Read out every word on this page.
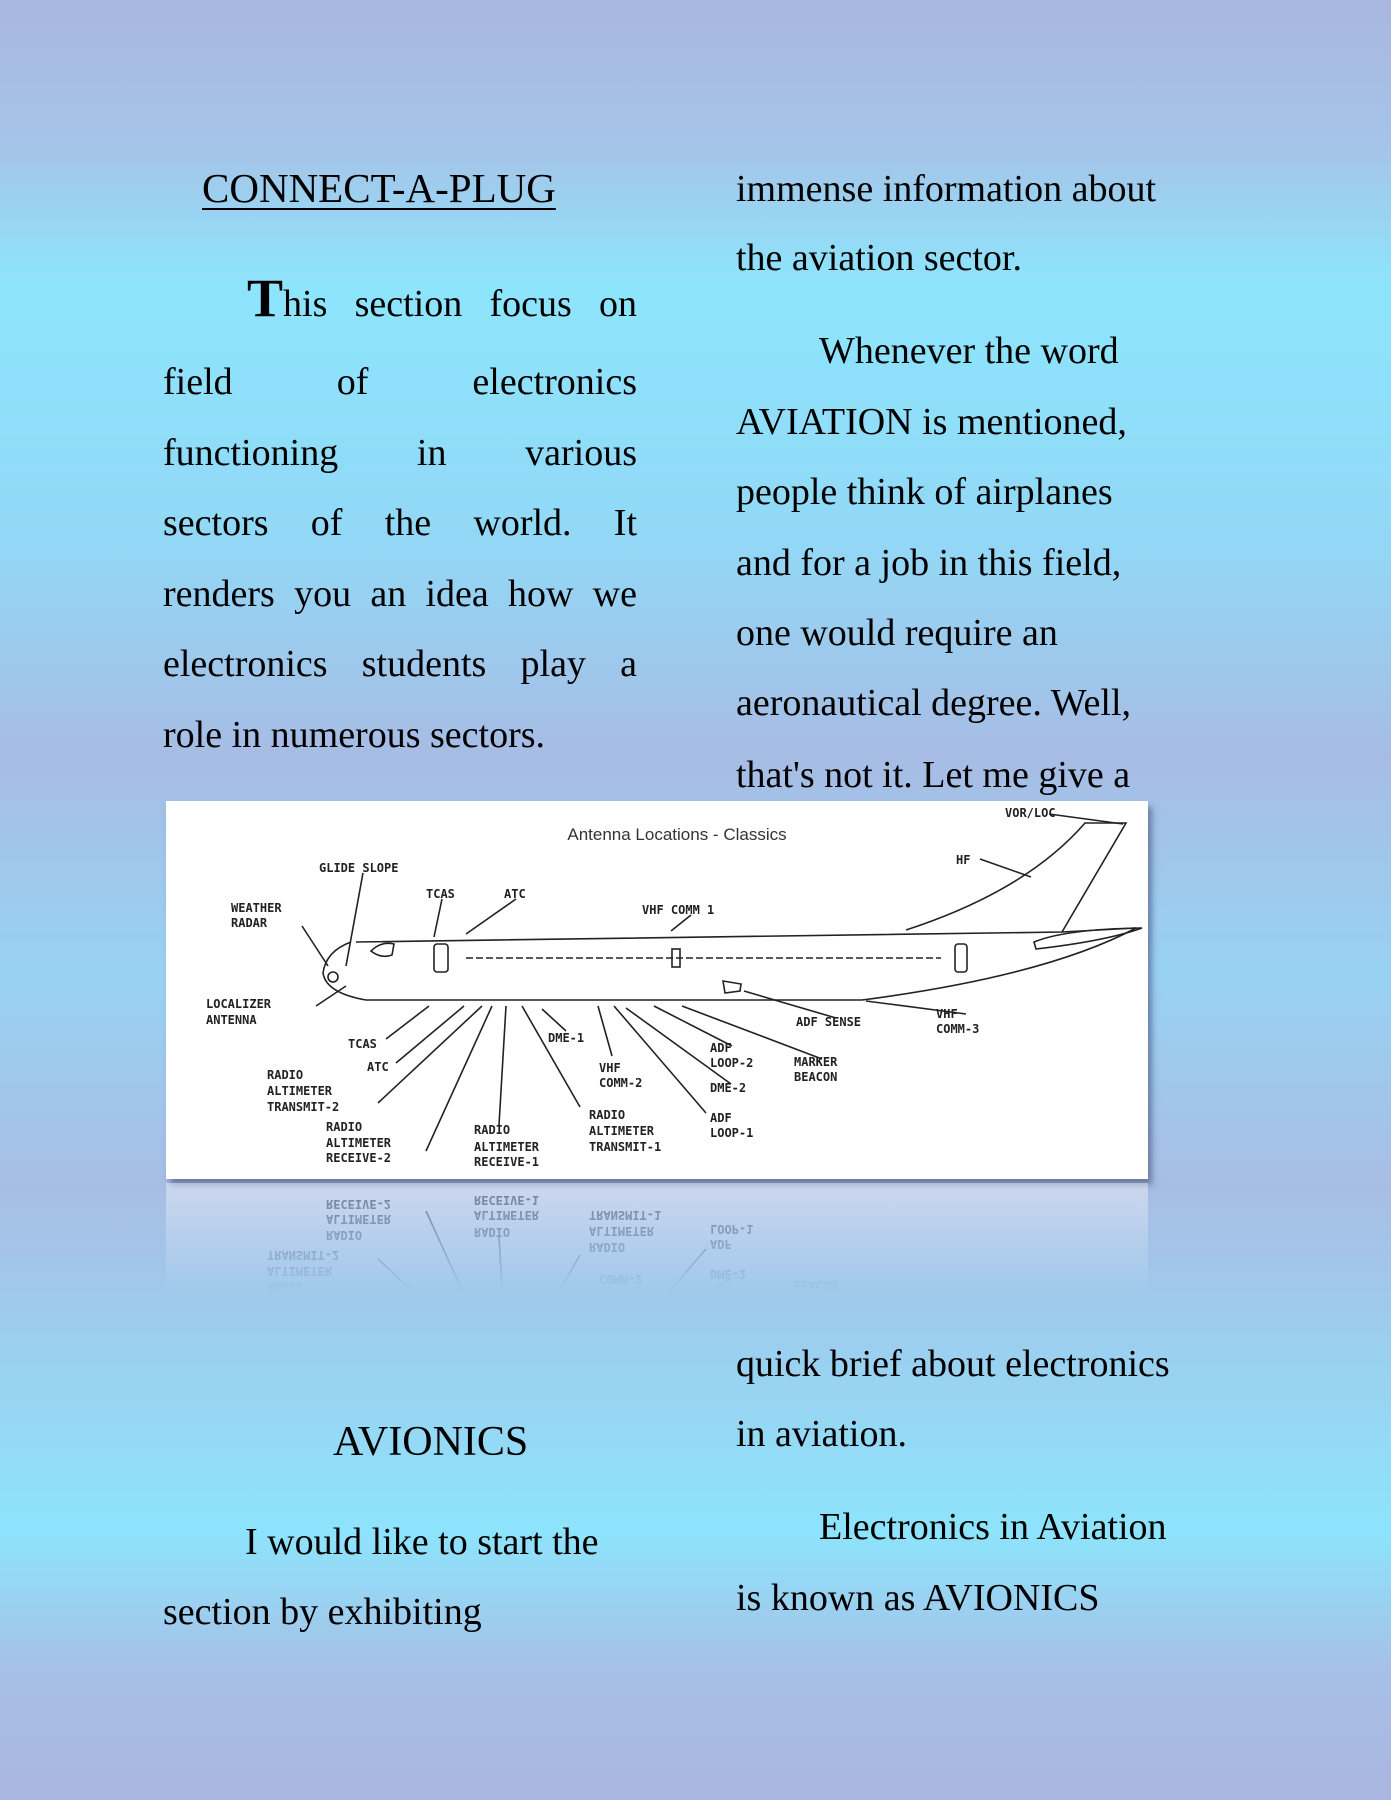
CONNECT-A-PLUG
This section focus on
field of electronics
functioning in various
sectors of the world. It
renders you an idea how we
electronics students play a
role in numerous sectors.
AVIONICS
I would like to start the
section by exhibiting
immense information about
the aviation sector.
Whenever the word
AVIATION is mentioned,
people think of airplanes
and for a job in this field,
one would require an
aeronautical degree. Well,
that's not it. Let me give a
quick brief about electronics
in aviation.
Electronics in Aviation
is known as AVIONICS
Antenna Locations - Classics
VOR/LOC
HF
GLIDE SLOPE
TCAS	ATC
WEATHER
RADAR
VHF COMM 1
LOCALIZER
ANTENNA	ADF SENSE
VHF
COMM-3
TCAS	DME-1
ATC
ADF
LOOP-2	MARKER
BEACON
VHF
COMM-2	DME-2
RADIO
ALTIMETER
TRANSMIT-2
RADIO
ALTIMETER
RECEIVE-2
RADIO
ALTIMETER
RECEIVE-1
RADIO
ALTIMETER
TRANSMIT-1
ADF
LOOP-1
